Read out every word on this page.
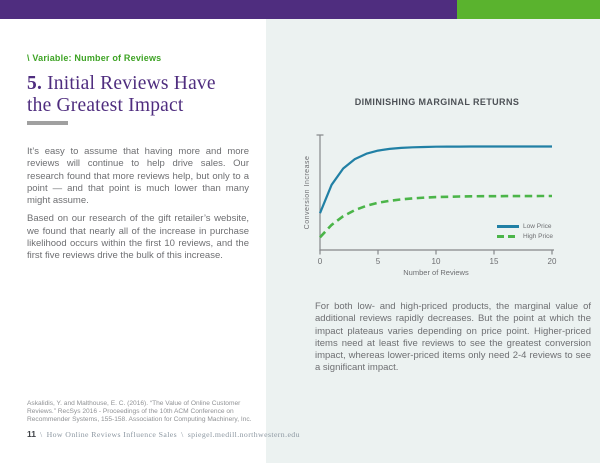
\ Variable: Number of Reviews
5. Initial Reviews Have
the Greatest Impact

It’s easy to assume that having more and more reviews will continue to help drive sales. Our research found that more reviews help, but only to a point — and that point is much lower than many might assume.

Based on our research of the gift retailer’s website, we found that nearly all of the increase in purchase likelihood occurs within the first 10 reviews, and the first five reviews drive the bulk of this increase.

Askalidis, Y. and Malthouse, E. C. (2016). “The Value of Online Customer
Reviews.” RecSys 2016 - Proceedings of the 10th ACM Conference on
Recommender Systems, 155-158. Association for Computing Machinery, Inc.
11 \ How Online Reviews Influence Sales \ spiegel.medill.northwestern.edu
DIMINISHING MARGINAL RETURNS
0	5	10	15	20
Number of Reviews
Conversion Increase	Low Price
High Price
For both low- and high-priced products, the marginal value of additional reviews rapidly decreases. But the point at which the impact plateaus varies depending on price point. Higher-priced items need at least five reviews to see the greatest conversion impact, whereas lower-priced items only need 2-4 reviews to see a significant impact.
